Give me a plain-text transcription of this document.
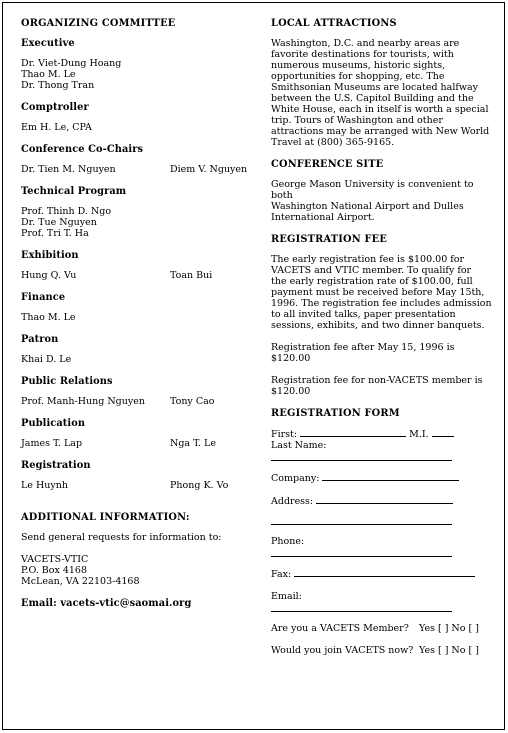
ORGANIZING COMMITTEE
Executive
Dr. Viet-Dung Hoang
Thao M. Le
Dr. Thong Tran
Comptroller
Em H. Le, CPA
Conference Co-Chairs
Dr. Tien M. Nguyen	Diem V. Nguyen
Technical Program
Prof. Thinh D. Ngo
Dr. Tue Nguyen
Prof. Tri T. Ha
Exhibition
Hung Q. Vu	Toan Bui
Finance
Thao M. Le
Patron
Khai D. Le
Public Relations
Prof. Manh-Hung Nguyen	Tony Cao
Publication
James T. Lap	Nga T. Le
Registration
Le Huynh	Phong K. Vo
ADDITIONAL INFORMATION:
Send general requests for information to:
VACETS-VTIC
P.O. Box 4168
McLean, VA 22103-4168
Email: vacets-vtic@saomai.org
LOCAL ATTRACTIONS
Washington, D.C. and nearby areas are
favorite destinations for tourists, with
numerous museums, historic sights,
opportunities for shopping, etc. The
Smithsonian Museums are located halfway
between the U.S. Capitol Building and the
White House, each in itself is worth a special
trip. Tours of Washington and other
attractions may be arranged with New World
Travel at (800) 365-9165.
CONFERENCE SITE
George Mason University is convenient to both
Washington National Airport and Dulles
International Airport.
REGISTRATION FEE
The early registration fee is $100.00 for
VACETS and VTIC member. To qualify for
the early registration rate of $100.00, full
payment must be received before May 15th,
1996. The registration fee includes admission
to all invited talks, paper presentation
sessions, exhibits, and two dinner banquets.
Registration fee after May 15, 1996 is $120.00
Registration fee for non-VACETS member is
$120.00
REGISTRATION FORM
First:	M.I.
Last Name:
Company:
Address:
Phone:
Fax:
Email:
Are you a VACETS Member? Yes [ ] No [ ]
Would you join VACETS now? Yes [ ] No [ ]
